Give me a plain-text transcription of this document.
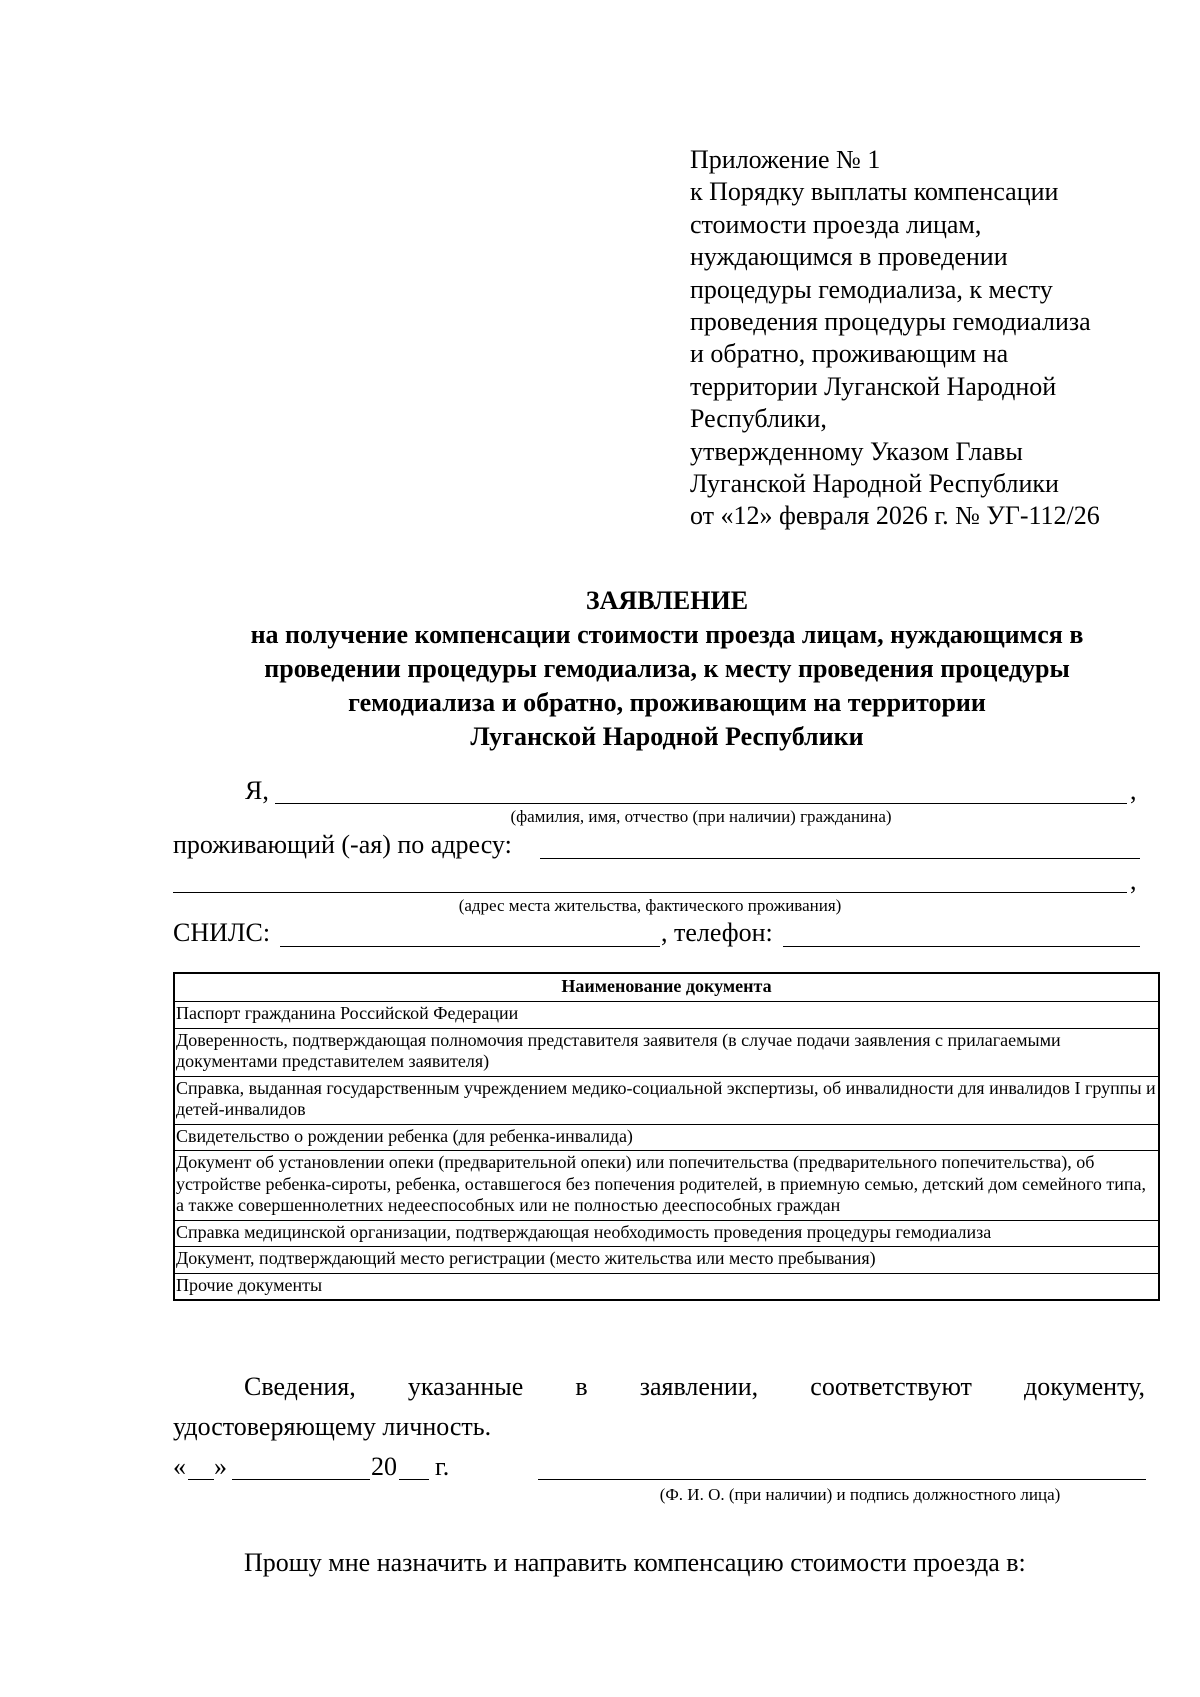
Приложение № 1
к Порядку выплаты компенсации
стоимости проезда лицам,
нуждающимся в проведении
процедуры гемодиализа, к месту
проведения процедуры гемодиализа
и обратно, проживающим на
территории Луганской Народной
Республики,
утвержденному Указом Главы
Луганской Народной Республики
от «12» февраля 2026 г. № УГ-112/26
ЗАЯВЛЕНИЕ
на получение компенсации стоимости проезда лицам, нуждающимся в
проведении процедуры гемодиализа, к месту проведения процедуры
гемодиализа и обратно, проживающим на территории
Луганской Народной Республики
Я,	,
(фамилия, имя, отчество (при наличии) гражданина)
проживающий (-ая) по адресу:
,
(адрес места жительства, фактического проживания)
СНИЛС:	, телефон:
Наименование документа
Паспорт гражданина Российской Федерации
Доверенность, подтверждающая полномочия представителя заявителя (в случае подачи заявления с прилагаемыми документами представителем заявителя)
Справка, выданная государственным учреждением медико-социальной экспертизы, об инвалидности для инвалидов I группы и детей-инвалидов
Свидетельство о рождении ребенка (для ребенка-инвалида)
Документ об установлении опеки (предварительной опеки) или попечительства (предварительного попечительства), об устройстве ребенка-сироты, ребенка, оставшегося без попечения родителей, в приемную семью, детский дом семейного типа, а также совершеннолетних недееспособных или не полностью дееспособных граждан
Справка медицинской организации, подтверждающая необходимость проведения процедуры гемодиализа
Документ, подтверждающий место регистрации (место жительства или место пребывания)
Прочие документы
Сведения, указанные в заявлении, соответствуют документу,
удостоверяющему личность.
« »	20 г.
(Ф. И. О. (при наличии) и подпись должностного лица)
Прошу мне назначить и направить компенсацию стоимости проезда в:
